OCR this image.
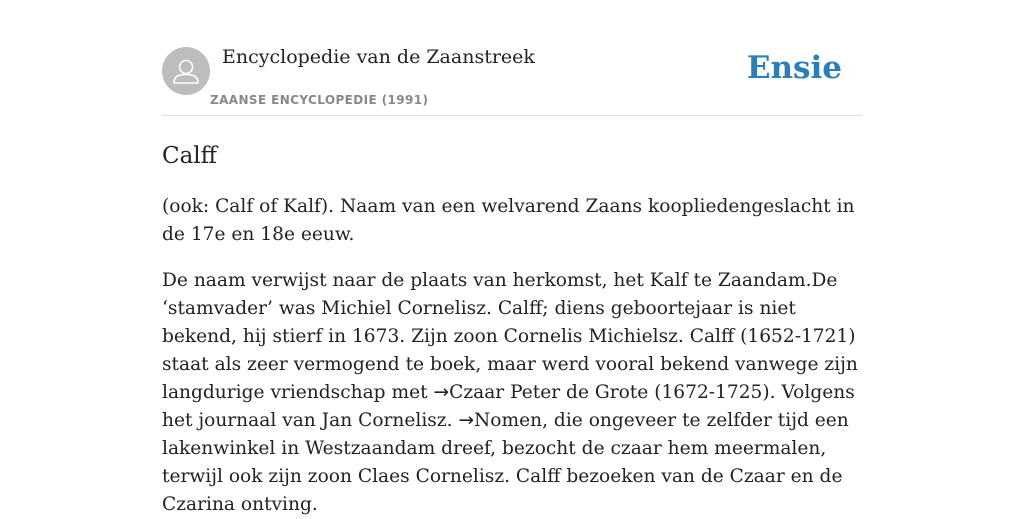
Encyclopedie van de Zaanstreek
ZAANSE ENCYCLOPEDIE (1991)
Ensie
Calff

(ook: Calf of Kalf). Naam van een welvarend Zaans koopliedengeslacht in de 17e en 18e eeuw.

De naam verwijst naar de plaats van herkomst, het Kalf te Zaandam.De ‘stamvader’ was Michiel Cornelisz. Calff; diens geboortejaar is niet bekend, hij stierf in 1673. Zijn zoon Cornelis Michielsz. Calff (1652-1721) staat als zeer vermogend te boek, maar werd vooral bekend vanwege zijn langdurige vriendschap met →Czaar Peter de Grote (1672-1725). Volgens het journaal van Jan Cornelisz. →Nomen, die ongeveer te zelfder tijd een lakenwinkel in Westzaandam dreef, bezocht de czaar hem meermalen, terwijl ook zijn zoon Claes Cornelisz. Calff bezoeken van de Czaar en de Czarina ontving.
